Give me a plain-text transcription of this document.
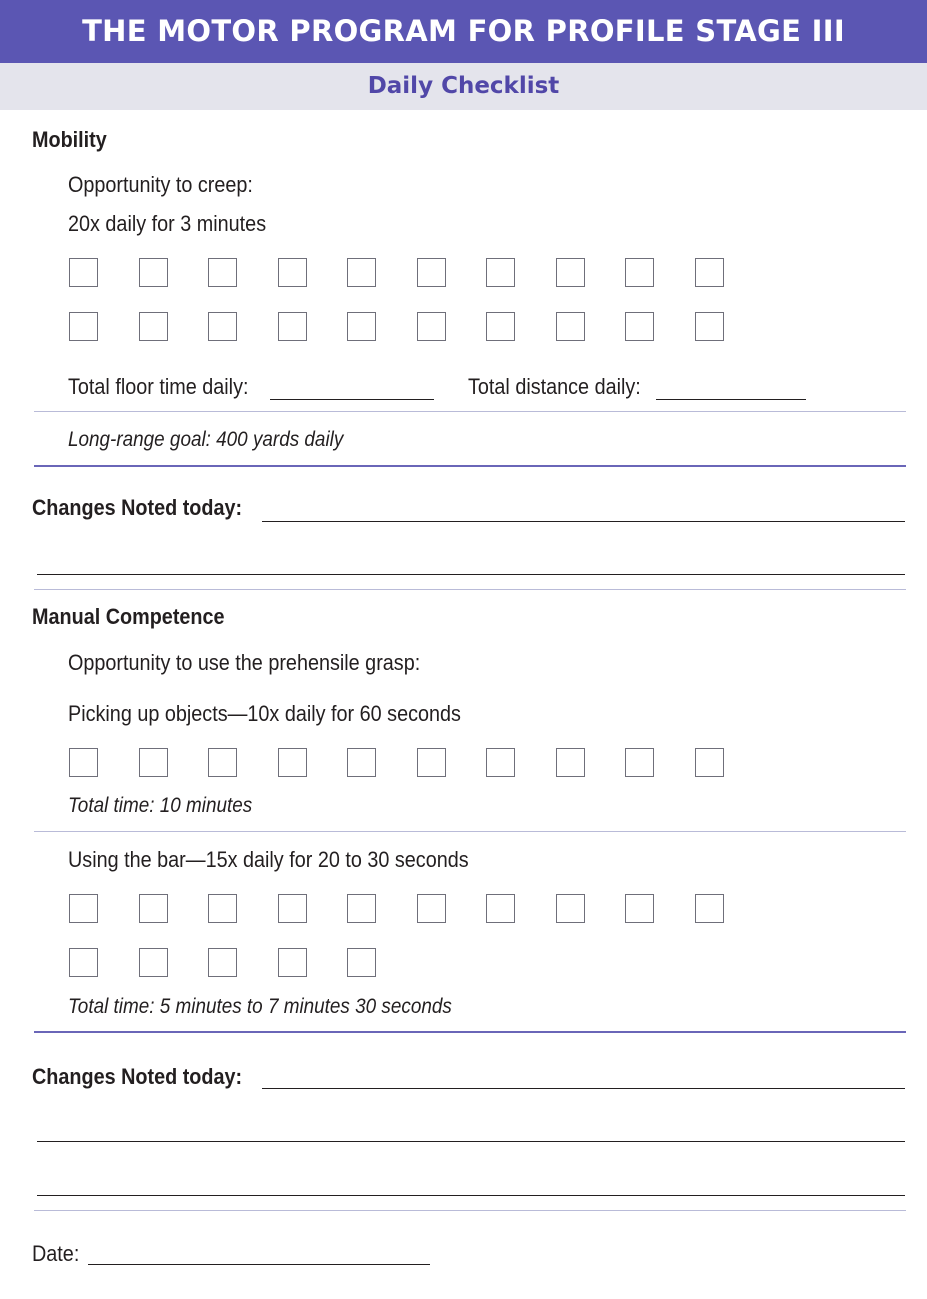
THE MOTOR PROGRAM FOR PROFILE STAGE III
Daily Checklist
Mobility
Opportunity to creep:
20x daily for 3 minutes
Total floor time daily:	Total distance daily:
Long-range goal: 400 yards daily
Changes Noted today:
Manual Competence
Opportunity to use the prehensile grasp:
Picking up objects—10x daily for 60 seconds
Total time: 10 minutes
Using the bar—15x daily for 20 to 30 seconds
Total time: 5 minutes to 7 minutes 30 seconds
Changes Noted today:
Date:
